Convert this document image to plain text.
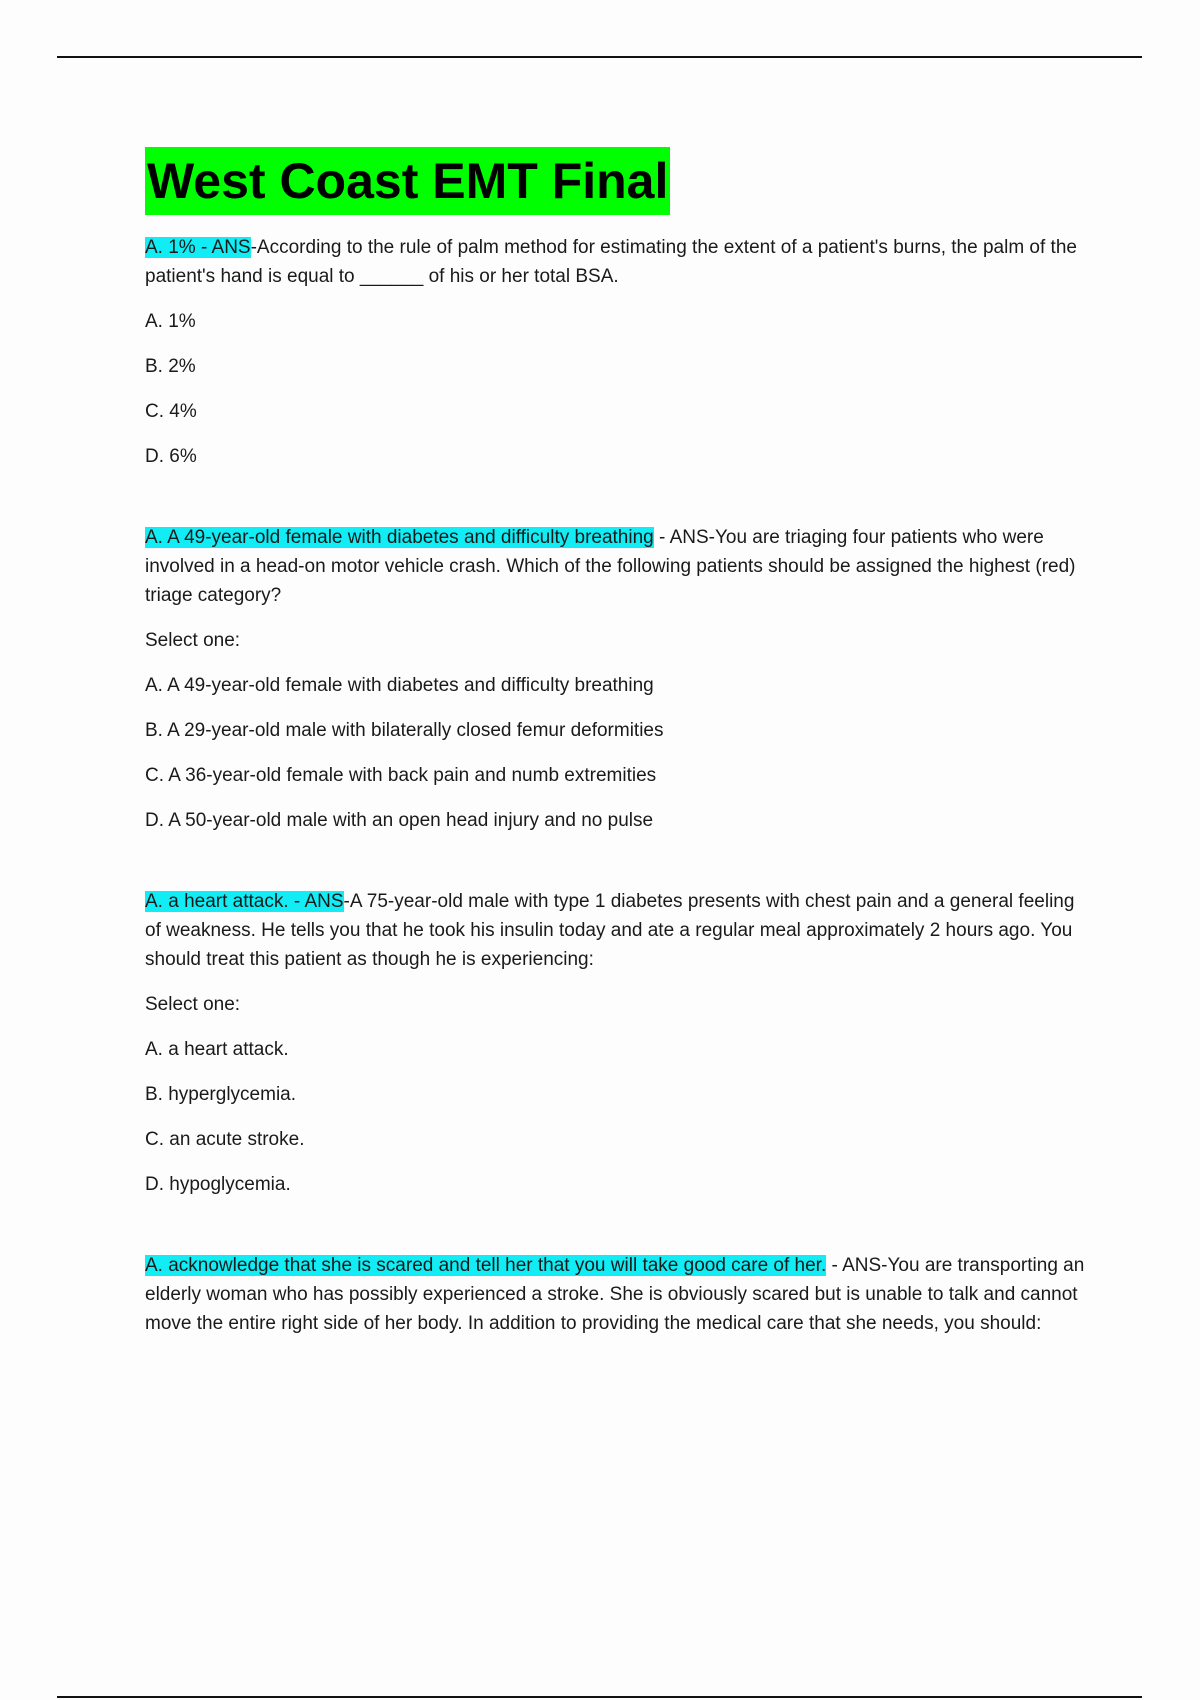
West Coast EMT Final

A. 1% - ANS-According to the rule of palm method for estimating the extent of a patient's burns, the palm of the patient's hand is equal to ______ of his or her total BSA.

A. 1%

B. 2%

C. 4%

D. 6%

A. A 49-year-old female with diabetes and difficulty breathing - ANS-You are triaging four patients who were involved in a head-on motor vehicle crash. Which of the following patients should be assigned the highest (red) triage category?

Select one:

A. A 49-year-old female with diabetes and difficulty breathing

B. A 29-year-old male with bilaterally closed femur deformities

C. A 36-year-old female with back pain and numb extremities

D. A 50-year-old male with an open head injury and no pulse

A. a heart attack. - ANS-A 75-year-old male with type 1 diabetes presents with chest pain and a general feeling of weakness. He tells you that he took his insulin today and ate a regular meal approximately 2 hours ago. You should treat this patient as though he is experiencing:

Select one:

A. a heart attack.

B. hyperglycemia.

C. an acute stroke.

D. hypoglycemia.

A. acknowledge that she is scared and tell her that you will take good care of her. - ANS-You are transporting an elderly woman who has possibly experienced a stroke. She is obviously scared but is unable to talk and cannot move the entire right side of her body. In addition to providing the medical care that she needs, you should:
